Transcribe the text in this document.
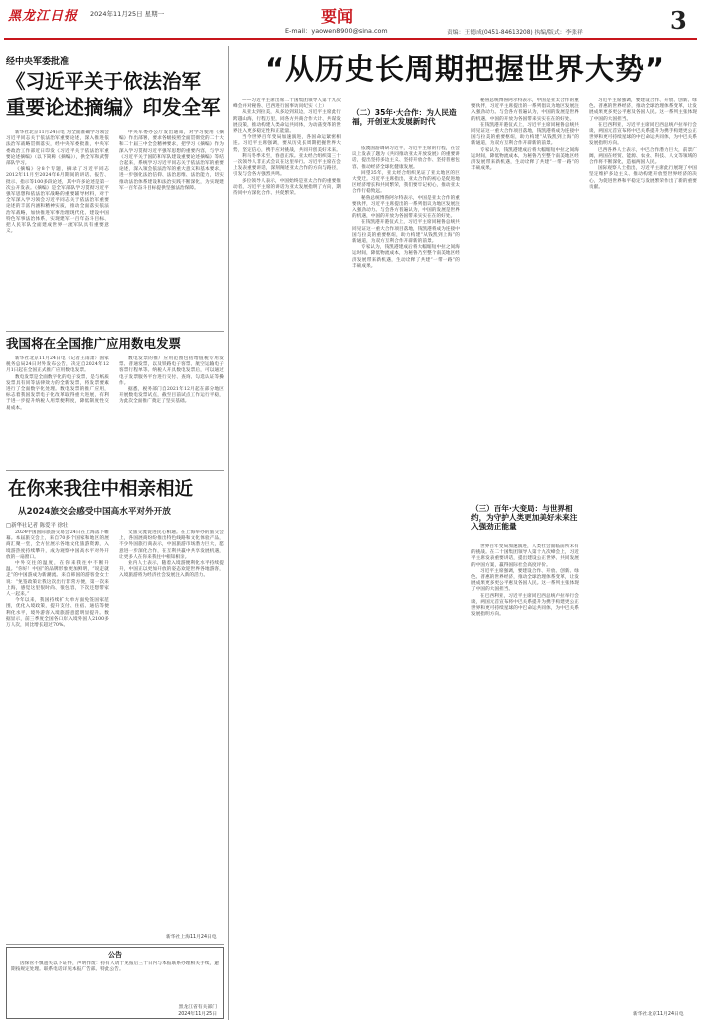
黑龙江日报 2024年11月25日 星期一	要闻
E-mail：yaowen8900@sina.com	责编：王德成(0451-84613208) 执编/版式：李张祥	3
经中央军委批准
《习近平关于依法治军
重要论述摘编》印发全军
新华社北京11月24日电 为全面准确学习领会习近平同志关于依法治军重要论述，深入推进依法治军战略贯彻落实，经中央军委批准，中央军委政治工作部近日印发《习近平关于依法治军重要论述摘编》（以下简称《摘编》），供全军和武警部队学习。
《摘编》分8个专题，摘录了习近平同志2012年11月至2024年6月期间的讲话、报告、批示、指示等100多段论述，其中许多论述是第一次公开发表。《摘编》是全军部队学习贯彻习近平强军思想和依法治军战略的重要辅导材料，对于全军深入学习领会习近平同志关于依法治军重要论述的丰富内涵和精神实质，推动全面落实依法治军战略，加快推进军事治理现代化、建设中国特色军事法治体系，实现建军一百年奋斗目标、把人民军队全面建成世界一流军队具有重要意义。
中央军委办公厅发出通知，对学习使用《摘编》作出部署，要求各级按照全面贯彻党的二十大和二十届三中全会精神要求，把学习《摘编》作为深入学习贯彻习近平强军思想的重要内容，与学习《习近平关于国防和军队建设重要论述摘编》等结合起来，系统学习习近平同志关于依法治军的重要论述，深入领会依法治军的重大意义和基本要求，进一步强化法治信仰、法治思维、法治能力，切实推动法治体系建设和法治实践不断深化，为实现建军一百年奋斗目标提供坚强法治保障。
我国将在全国推广应用数电发票
新华社北京11月24日电（记者王雨萧）国家税务总局24日对外发布公告，决定自2024年12月1日起在全国正式推广应用数电发票。
数电发票是全面数字化的电子发票，是与纸质发票具有同等法律效力的全新发票，将发票要素进行了全面数字化处理。数电发票的推广应用，标志着我国发票电子化改革取得重大进展，有利于进一步提升纳税人用票便利度，降低制度性交易成本。
数电发票的推广应用范围包括增值税专用发票、普通发票，以及铁路电子客票、航空运输电子客票行程单等。纳税人开具数电发票后，可以通过电子发票服务平台进行交付、查询、勾选认证等操作。
据悉，税务部门自2021年12月起在部分地区开展数电发票试点，截至目前试点工作运行平稳，为此次全面推广奠定了坚实基础。
在你来我往中相亲相近
从2024旅交会感受中国高水平对外开放
□新华社记者 陈爱平 徐壮
2024中国国际旅游交易会24日在上海落下帷幕。本届旅交会上，来自70多个国家和地区的展商汇聚一堂，全方位展示各地文化旅游资源，入境游热度持续攀升，成为观察中国高水平对外开放的一扇窗口。
中外交往的温度，在你来我往中不断升温。“你好！中国”的品牌形象更加鲜明，“说走就走”的中国游成为新潮流。来自韩国的游客金女士说：“免签政策让我这次出行非常方便，第一次来上海，感觉这里很时尚、很包容，下次还想带家人一起来。”
今年以来，我国持续扩大单方面免签国家范围，优化入境政策，提升支付、住宿、通信等便利化水平，境外游客入境旅游意愿明显提升。数据显示，前三季度全国各口岸入境外国人2100多万人次，同比增长超过70%。
文旅交流促进民心相通。在上海举办的旅交会上，各国展商纷纷推出特色线路和文化体验产品，不少外国旅行商表示，中国旅游市场潜力巨大，愿意进一步深化合作，在互利共赢中共享发展机遇，让更多人在你来我往中相知相亲。
业内人士表示，随着入境游便利化水平持续提升，中国正以更加开放的姿态欢迎世界各地游客，入境旅游将为经济社会发展注入新的活力。
新华社上海11月24日电
公告
因保管不慎遗失以下证件，声明作废：持有人请于见报后三十日内与本报联系办理相关手续，逾期按规定处理。联系电话详见本报广告部。特此公告。
黑龙江省有关部门
2024年11月25日
“从历史长周期把握世界大势”
——习近平主席出席二十国集团领导人第十九次峰会并对秘鲁、巴西进行国事访问纪实（上）
从亚太到拉美，从多边到双边，习近平主席此行跨越山海，行程万里，同各方共商合作大计、共谋发展良策，推动构建人类命运共同体，为动荡变革的世界注入更多稳定性和正能量。
当今世界百年变局加速演进，各国命运紧密相连。习近平主席强调，要从历史长周期把握世界大势，坚定信心，携手应对挑战，共同开创美好未来。
利马冬季未至，春意正浓。亚太经合组织第三十一次领导人非正式会议在这里举行。习近平主席在会上发表重要讲话，深刻阐述亚太合作的方向与路径，引发与会各方强烈共鸣。
多位领导人表示，中国始终是亚太合作的重要推动者，习近平主席的讲话为亚太发展指明了方向，期待同中方深化合作、共促繁荣。
（二）35年·大合作：为人民造福，开创亚太发展新时代
依澳国游调研习近平，习近平主席的行程，在会议上发表了题为《共同推动亚太开放发展》的重要讲话，提出坚持多边主义、坚持开放合作、坚持普惠包容，推动经济全球化健康发展。
回望35年，亚太经合组织见证了亚太地区的巨大变迁。习近平主席指出，亚太合作的初心是促进地区经济增长和共同繁荣，我们要牢记初心，推动亚太合作行稳致远。
秘鲁总统博鲁阿尔特表示，中国是亚太合作的重要伙伴，习近平主席提出的一系列倡议为地区发展注入强劲动力。与会各方普遍认为，中国的发展是世界的机遇，中国的开放为各国带来实实在在的好处。
在钱凯港开港仪式上，习近平主席同秘鲁总统共同见证这一重大合作项目落地，钱凯港将成为连接中国与拉美的重要枢纽，助力构建“从钱凯到上海”的新通道，为双方互利合作开辟新的前景。
专家认为，钱凯港建成后将大幅缩短中拉之间海运时间，降低物流成本，为秘鲁乃至整个南美地区经济发展带来新机遇，生动诠释了共建“一带一路”的丰硕成果。
（三）百年·大变局：与世界相约，为守护人类更加美好未来注入强劲正能量
秘鲁总统博鲁阿尔特表示，中国是亚太合作的重要伙伴，习近平主席提出的一系列倡议为地区发展注入强劲动力。与会各方普遍认为，中国的发展是世界的机遇，中国的开放为各国带来实实在在的好处。
在钱凯港开港仪式上，习近平主席同秘鲁总统共同见证这一重大合作项目落地，钱凯港将成为连接中国与拉美的重要枢纽，助力构建“从钱凯到上海”的新通道，为双方互利合作开辟新的前景。
专家认为，钱凯港建成后将大幅缩短中拉之间海运时间，降低物流成本，为秘鲁乃至整个南美地区经济发展带来新机遇，生动诠释了共建“一带一路”的丰硕成果。
世界百年变局加速演进，人类社会面临前所未有的挑战。在二十国集团领导人第十九次峰会上，习近平主席发表重要讲话，提出建设公正世界、共同发展的中国方案，赢得国际社会高度评价。
习近平主席强调，要建设合作、开放、创新、绿色、普惠的世界经济，推动全球治理体系变革，让发展成果更多更公平惠及各国人民。这一系列主张体现了中国的大国担当。
在巴西利亚，习近平主席同巴西总统卢拉举行会谈，两国元首宣布将中巴关系提升为携手构建更公正世界和更可持续星球的中巴命运共同体，为中巴关系发展指明方向。
习近平主席强调，要建设合作、开放、创新、绿色、普惠的世界经济，推动全球治理体系变革，让发展成果更多更公平惠及各国人民。这一系列主张体现了中国的大国担当。
在巴西利亚，习近平主席同巴西总统卢拉举行会谈，两国元首宣布将中巴关系提升为携手构建更公正世界和更可持续星球的中巴命运共同体，为中巴关系发展指明方向。
巴西各界人士表示，中巴合作潜力巨大，前景广阔，两国在经贸、能源、农业、科技、人文等领域的合作将不断深化，造福两国人民。
国际观察人士指出，习近平主席此行展现了中国坚定维护多边主义、推动构建开放型世界经济的决心，为促进世界和平稳定与发展繁荣作出了新的重要贡献。
新华社北京11月24日电
